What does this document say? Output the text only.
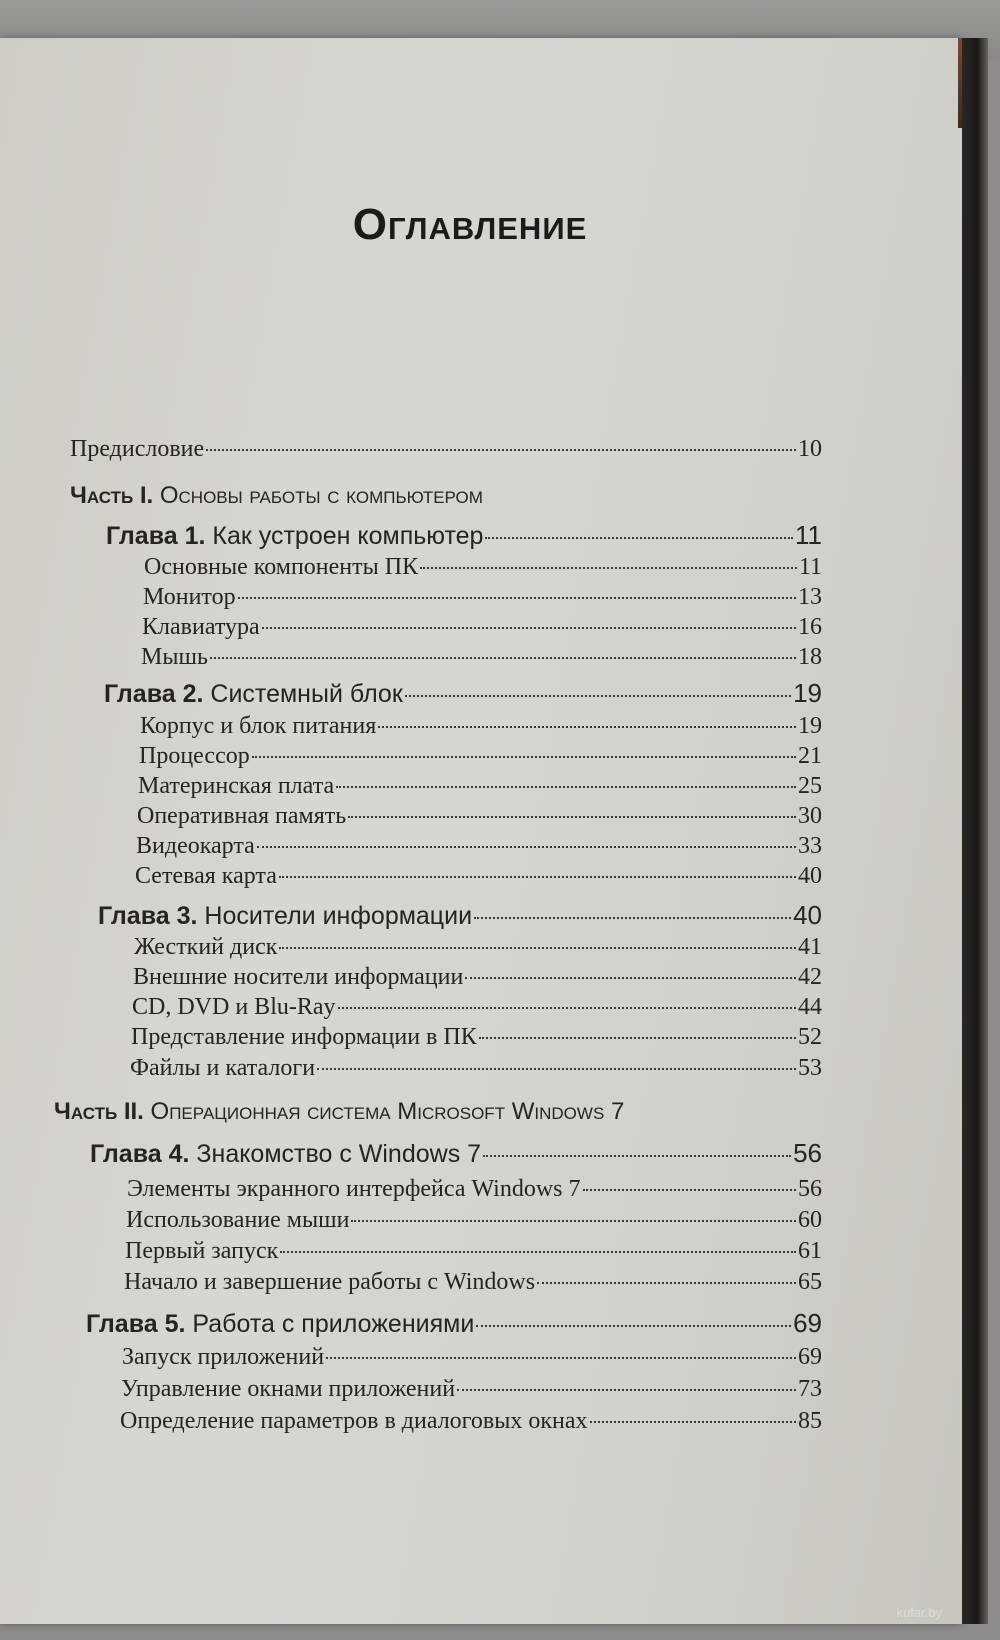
Оглавление
Предисловие	10
Часть I. Основы работы с компьютером
Глава 1. Как устроен компьютер	11
Основные компоненты ПК	11
Монитор	13
Клавиатура	16
Мышь	18
Глава 2. Системный блок	19
Корпус и блок питания	19
Процессор	21
Материнская плата	25
Оперативная память	30
Видеокарта	33
Сетевая карта	40
Глава 3. Носители информации	40
Жесткий диск	41
Внешние носители информации	42
CD, DVD и Blu-Ray	44
Представление информации в ПК	52
Файлы и каталоги	53
Часть II. Операционная система Microsoft Windows 7
Глава 4. Знакомство с Windows 7	56
Элементы экранного интерфейса Windows 7	56
Использование мыши	60
Первый запуск	61
Начало и завершение работы с Windows	65
Глава 5. Работа с приложениями	69
Запуск приложений	69
Управление окнами приложений	73
Определение параметров в диалоговых окнах	85
kufar.by
